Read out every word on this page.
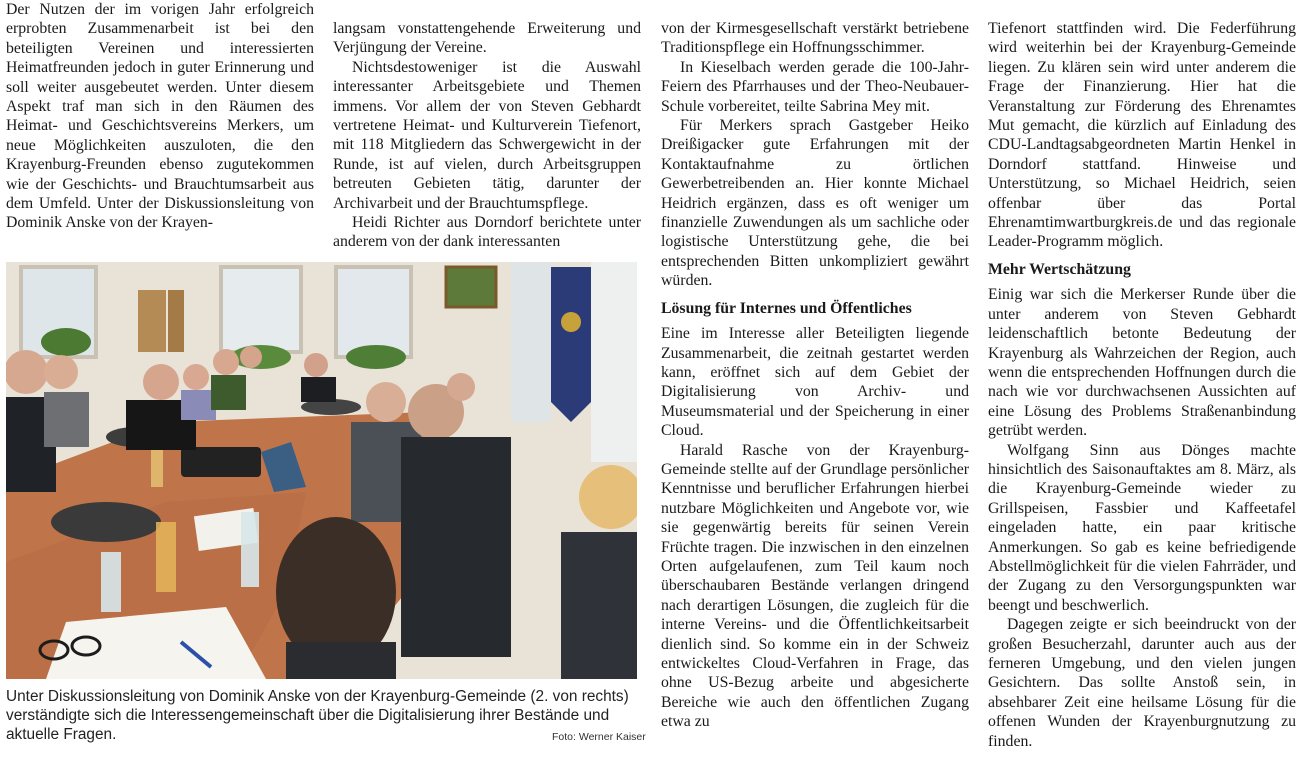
Der Nutzen der im vorigen Jahr erfolgreich erprobten Zusammenarbeit ist bei den beteiligten Vereinen und interessierten Heimatfreunden jedoch in guter Erinnerung und soll weiter ausgebeutet werden. Unter diesem Aspekt traf man sich in den Räumen des Heimat- und Geschichtsvereins Merkers, um neue Möglichkeiten auszuloten, die den Krayenburg-Freunden ebenso zugutekommen wie der Geschichts- und Brauchtumsarbeit aus dem Umfeld. Unter der Diskussionsleitung von Dominik Anske von der Krayen-

langsam vonstattengehende Erweiterung und Verjüngung der Vereine.

Nichtsdestoweniger ist die Auswahl interessanter Arbeitsgebiete und Themen immens. Vor allem der von Steven Gebhardt vertretene Heimat- und Kulturverein Tiefenort, mit 118 Mitgliedern das Schwergewicht in der Runde, ist auf vielen, durch Arbeitsgruppen betreuten Gebieten tätig, darunter der Archivarbeit und der Brauchtumspflege.

Heidi Richter aus Dorndorf berichtete unter anderem von der dank interessanten

Unter Diskussionsleitung von Dominik Anske von der Krayenburg-Gemeinde (2. von rechts) verständigte sich die Interessengemeinschaft über die Digitalisierung ihrer Bestände und aktuelle Fragen.	Foto: Werner Kaiser

von der Kirmesgesellschaft verstärkt betriebene Traditionspflege ein Hoffnungsschimmer.

In Kieselbach werden gerade die 100-Jahr-Feiern des Pfarrhauses und der Theo-Neubauer-Schule vorbereitet, teilte Sabrina Mey mit.

Für Merkers sprach Gastgeber Heiko Dreißigacker gute Erfahrungen mit der Kontaktaufnahme zu örtlichen Gewerbetreibenden an. Hier konnte Michael Heidrich ergänzen, dass es oft weniger um finanzielle Zuwendungen als um sachliche oder logistische Unterstützung gehe, die bei entsprechenden Bitten unkompliziert gewährt würden.

Lösung für Internes und Öffentliches

Eine im Interesse aller Beteiligten liegende Zusammenarbeit, die zeitnah gestartet werden kann, eröffnet sich auf dem Gebiet der Digitalisierung von Archiv- und Museumsmaterial und der Speicherung in einer Cloud.

Harald Rasche von der Krayenburg-Gemeinde stellte auf der Grundlage persönlicher Kenntnisse und beruflicher Erfahrungen hierbei nutzbare Möglichkeiten und Angebote vor, wie sie gegenwärtig bereits für seinen Verein Früchte tragen. Die inzwischen in den einzelnen Orten aufgelaufenen, zum Teil kaum noch überschaubaren Bestände verlangen dringend nach derartigen Lösungen, die zugleich für die interne Vereins- und die Öffentlichkeitsarbeit dienlich sind. So komme ein in der Schweiz entwickeltes Cloud-Verfahren in Frage, das ohne US-Bezug arbeite und abgesicherte Bereiche wie auch den öffentlichen Zugang etwa zu

Tiefenort stattfinden wird. Die Federführung wird weiterhin bei der Krayenburg-Gemeinde liegen. Zu klären sein wird unter anderem die Frage der Finanzierung. Hier hat die Veranstaltung zur Förderung des Ehrenamtes Mut gemacht, die kürzlich auf Einladung des CDU-Landtagsabgeordneten Martin Henkel in Dorndorf stattfand. Hinweise und Unterstützung, so Michael Heidrich, seien offenbar über das Portal Ehrenamtimwartburgkreis.de und das regionale Leader-Programm möglich.

Mehr Wertschätzung

Einig war sich die Merkerser Runde über die unter anderem von Steven Gebhardt leidenschaftlich betonte Bedeutung der Krayenburg als Wahrzeichen der Region, auch wenn die entsprechenden Hoffnungen durch die nach wie vor durchwachsenen Aussichten auf eine Lösung des Problems Straßenanbindung getrübt werden.

Wolfgang Sinn aus Dönges machte hinsichtlich des Saisonauftaktes am 8. März, als die Krayenburg-Gemeinde wieder zu Grillspeisen, Fassbier und Kaffeetafel eingeladen hatte, ein paar kritische Anmerkungen. So gab es keine befriedigende Abstellmöglichkeit für die vielen Fahrräder, und der Zugang zu den Versorgungspunkten war beengt und beschwerlich.

Dagegen zeigte er sich beeindruckt von der großen Besucherzahl, darunter auch aus der ferneren Umgebung, und den vielen jungen Gesichtern. Das sollte Anstoß sein, in absehbarer Zeit eine heilsame Lösung für die offenen Wunden der Krayenburgnutzung zu finden.
